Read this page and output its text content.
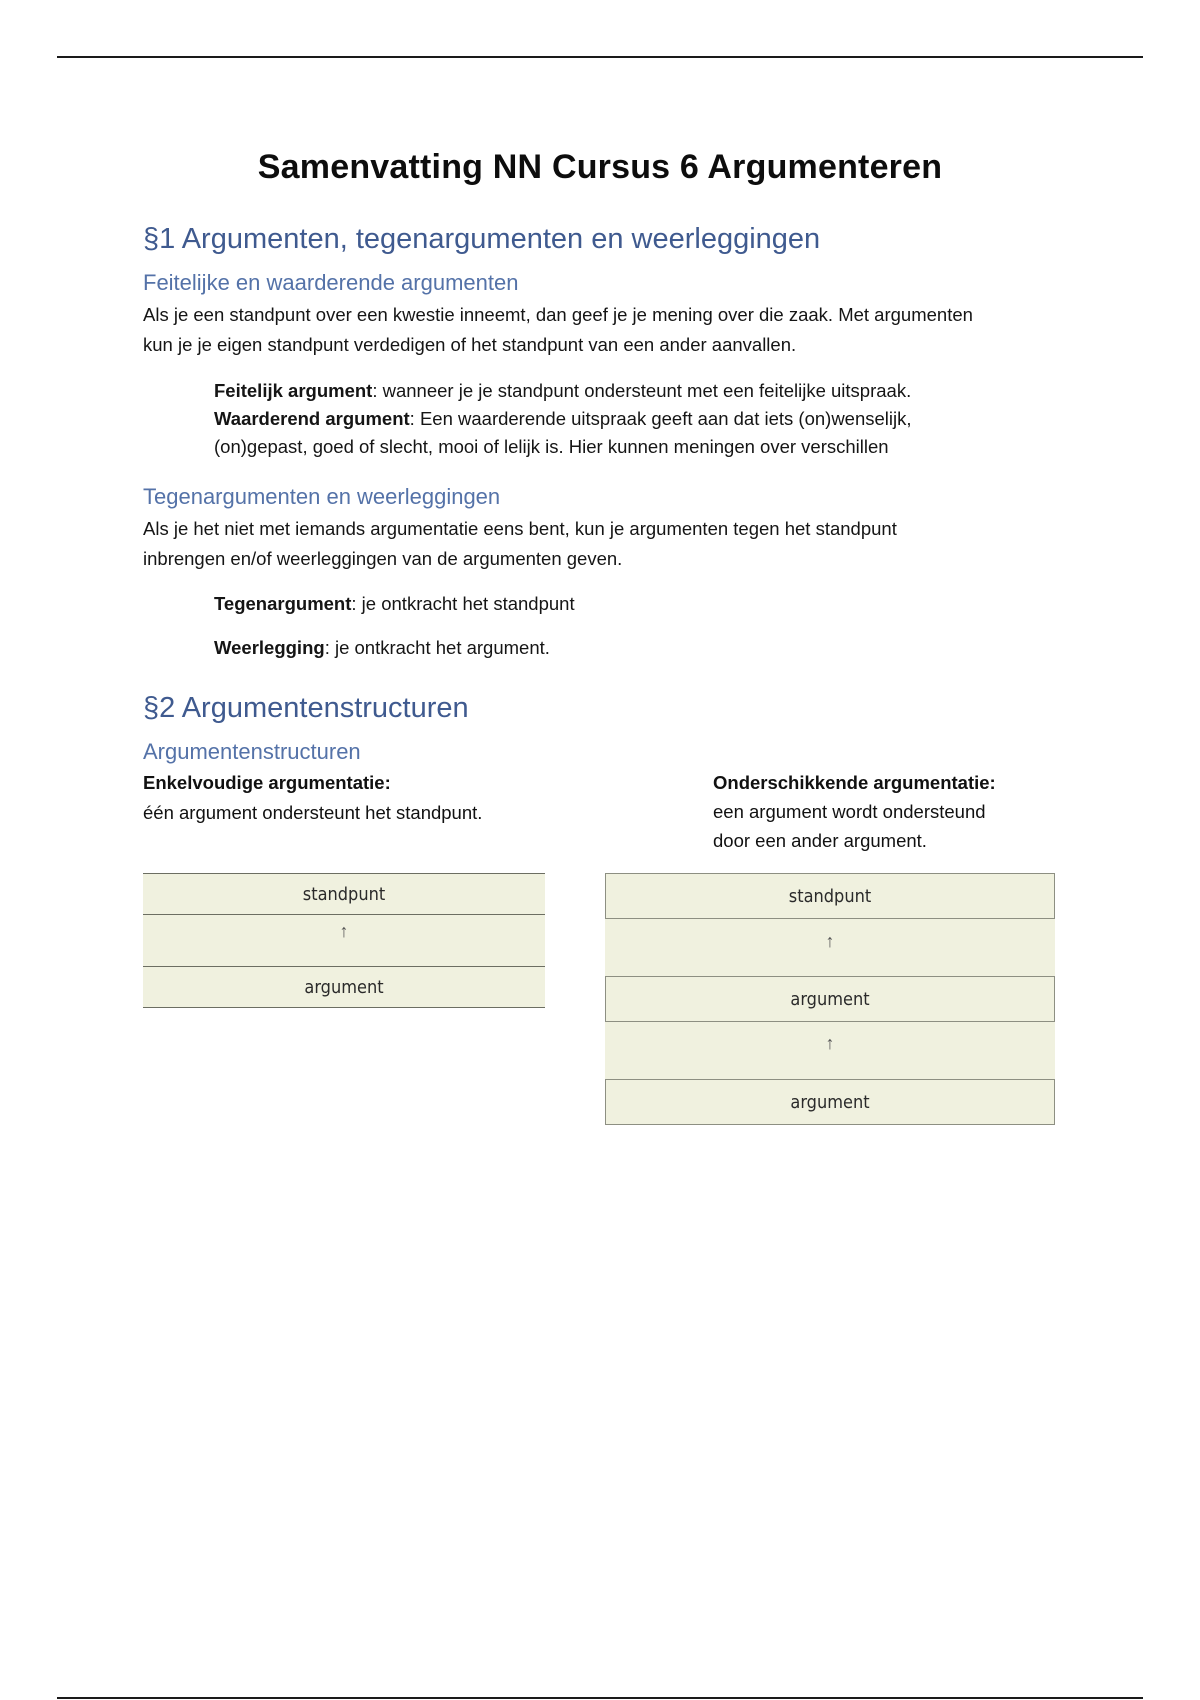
Samenvatting NN Cursus 6 Argumenteren
§1 Argumenten, tegenargumenten en weerleggingen
Feitelijke en waarderende argumenten
Als je een standpunt over een kwestie inneemt, dan geef je je mening over die zaak. Met argumenten
kun je je eigen standpunt verdedigen of het standpunt van een ander aanvallen.
Feitelijk argument: wanneer je je standpunt ondersteunt met een feitelijke uitspraak.
Waarderend argument: Een waarderende uitspraak geeft aan dat iets (on)wenselijk,
(on)gepast, goed of slecht, mooi of lelijk is. Hier kunnen meningen over verschillen
Tegenargumenten en weerleggingen
Als je het niet met iemands argumentatie eens bent, kun je argumenten tegen het standpunt
inbrengen en/of weerleggingen van de argumenten geven.
Tegenargument: je ontkracht het standpunt
Weerlegging: je ontkracht het argument.
§2 Argumentenstructuren
Argumentenstructuren
Enkelvoudige argumentatie:
één argument ondersteunt het standpunt.
Onderschikkende argumentatie:
een argument wordt ondersteund
door een ander argument.
standpunt
↑
argument
standpunt
↑
argument
↑
argument
